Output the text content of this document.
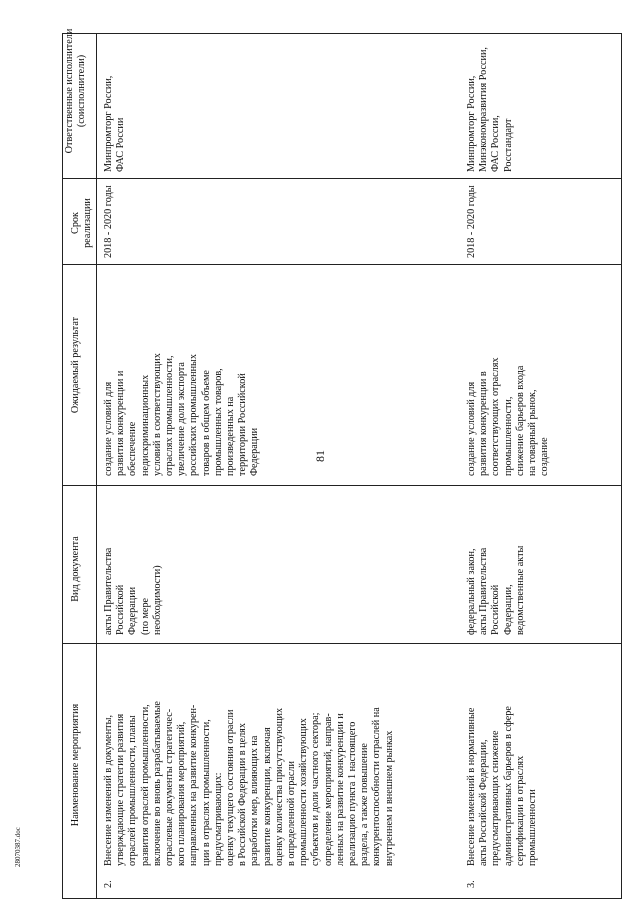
81
28070387.doc
Наименование мероприятия
Вид документа
Ожидаемый результат
Срок реализации
Ответственные исполнители
(соисполнители)
2.
Внесение изменений в документы,
утверждающие стратегии развития
отраслей промышленности, планы
развития отраслей промышленности,
включение во вновь разрабатываемые
отраслевые документы стратегичес-
кого планирования мероприятий,
направленных на развитие конкурен-
ции в отраслях промышленности,
предусматривающих:
оценку текущего состояния отрасли
в Российской Федерации в целях
разработки мер, влияющих на
развитие конкуренции, включая
оценку количества присутствующих
в определенной отрасли
промышленности хозяйствующих
субъектов и доли частного сектора;
определение мероприятий, направ-
ленных на развитие конкуренции и
реализацию пункта 1 настоящего
раздела, а также повышение
конкурентоспособности отраслей на
внутреннем и внешнем рынках
акты Правительства
Российской
Федерации
(по мере
необходимости)
создание условий для
развития конкуренции и
обеспечение
недискриминационных
условий в соответствующих
отраслях промышленности,
увеличение доли экспорта
российских промышленных
товаров в общем объеме
промышленных товаров,
произведенных на
территории Российской
Федерации
2018 - 2020 годы
Минпромторг России,
ФАС России
3.
Внесение изменений в нормативные
акты Российской Федерации,
предусматривающих снижение
административных барьеров в сфере
сертификации в отраслях
промышленности
федеральный закон,
акты Правительства
Российской
Федерации,
ведомственные акты
создание условий для
развития конкуренции в
соответствующих отраслях
промышленности,
снижение барьеров входа
на товарный рынок,
создание
2018 - 2020 годы
Минпромторг России,
Минэкономразвития России,
ФАС России,
Росстандарт
